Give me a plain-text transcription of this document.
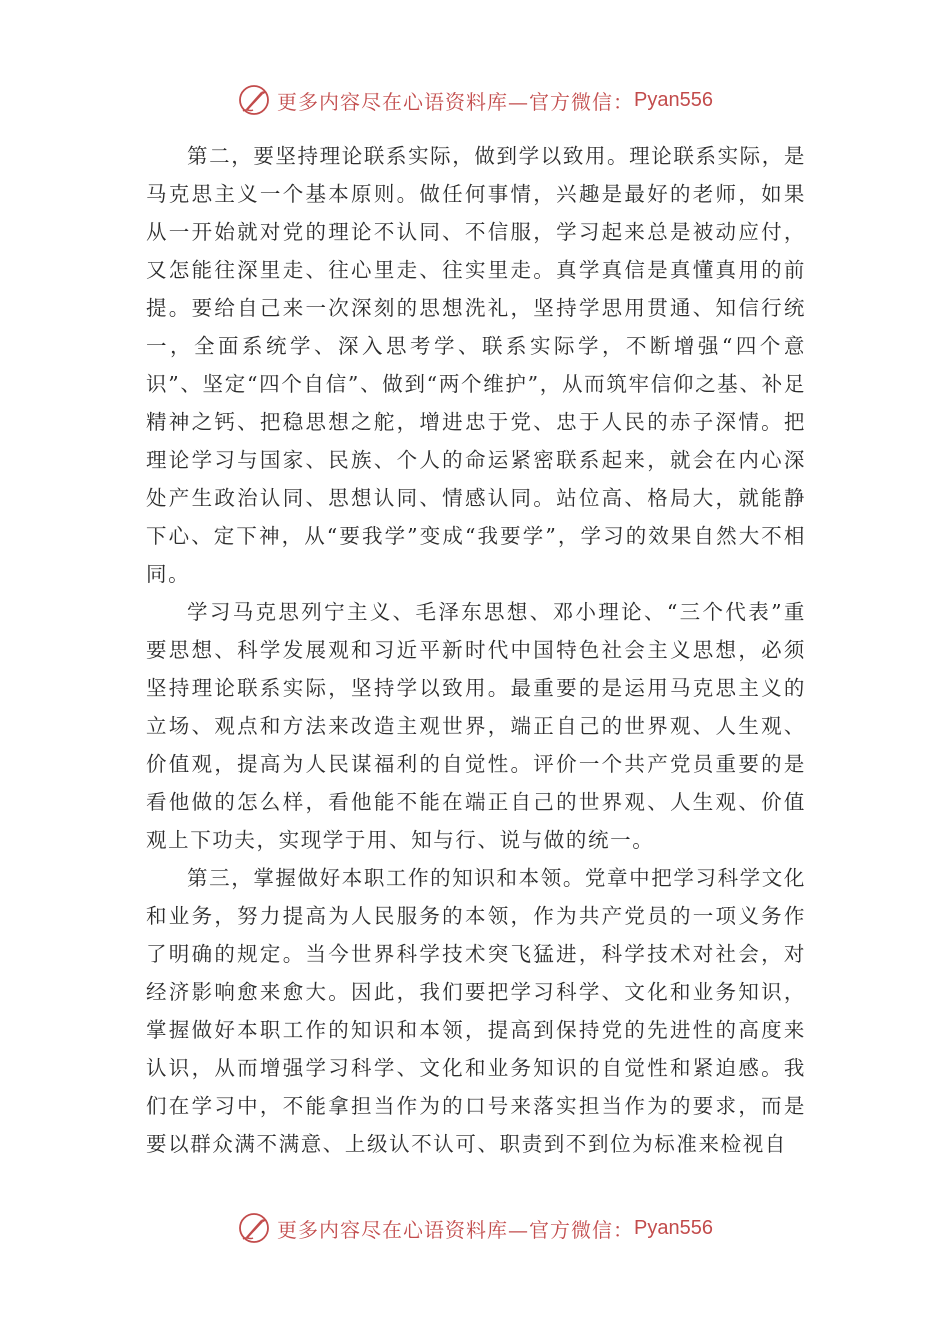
更多内容尽在心语资料库—官方微信： Pyan556

第二，要坚持理论联系实际，做到学以致用。理论联系实际，是马克思主义一个基本原则。做任何事情，兴趣是最好的老师，如果从一开始就对党的理论不认同、不信服，学习起来总是被动应付，又怎能往深里走、往心里走、往实里走。真学真信是真懂真用的前提。要给自己来一次深刻的思想洗礼，坚持学思用贯通、知信行统一，全面系统学、深入思考学、联系实际学，不断增强“四个意识”、坚定“四个自信”、做到“两个维护”，从而筑牢信仰之基、补足精神之钙、把稳思想之舵，增进忠于党、忠于人民的赤子深情。把理论学习与国家、民族、个人的命运紧密联系起来，就会在内心深处产生政治认同、思想认同、情感认同。站位高、格局大，就能静下心、定下神，从“要我学”变成“我要学”，学习的效果自然大不相同。

学习马克思列宁主义、毛泽东思想、邓小理论、“三个代表”重要思想、科学发展观和习近平新时代中国特色社会主义思想，必须坚持理论联系实际，坚持学以致用。最重要的是运用马克思主义的立场、观点和方法来改造主观世界，端正自己的世界观、人生观、价值观，提高为人民谋福利的自觉性。评价一个共产党员重要的是看他做的怎么样，看他能不能在端正自己的世界观、人生观、价值观上下功夫，实现学于用、知与行、说与做的统一。

第三，掌握做好本职工作的知识和本领。党章中把学习科学文化和业务，努力提高为人民服务的本领，作为共产党员的一项义务作了明确的规定。当今世界科学技术突飞猛进，科学技术对社会，对经济影响愈来愈大。因此，我们要把学习科学、文化和业务知识，掌握做好本职工作的知识和本领，提高到保持党的先进性的高度来认识，从而增强学习科学、文化和业务知识的自觉性和紧迫感。我们在学习中，不能拿担当作为的口号来落实担当作为的要求，而是要以群众满不满意、上级认不认可、职责到不到位为标准来检视自

更多内容尽在心语资料库—官方微信： Pyan556
